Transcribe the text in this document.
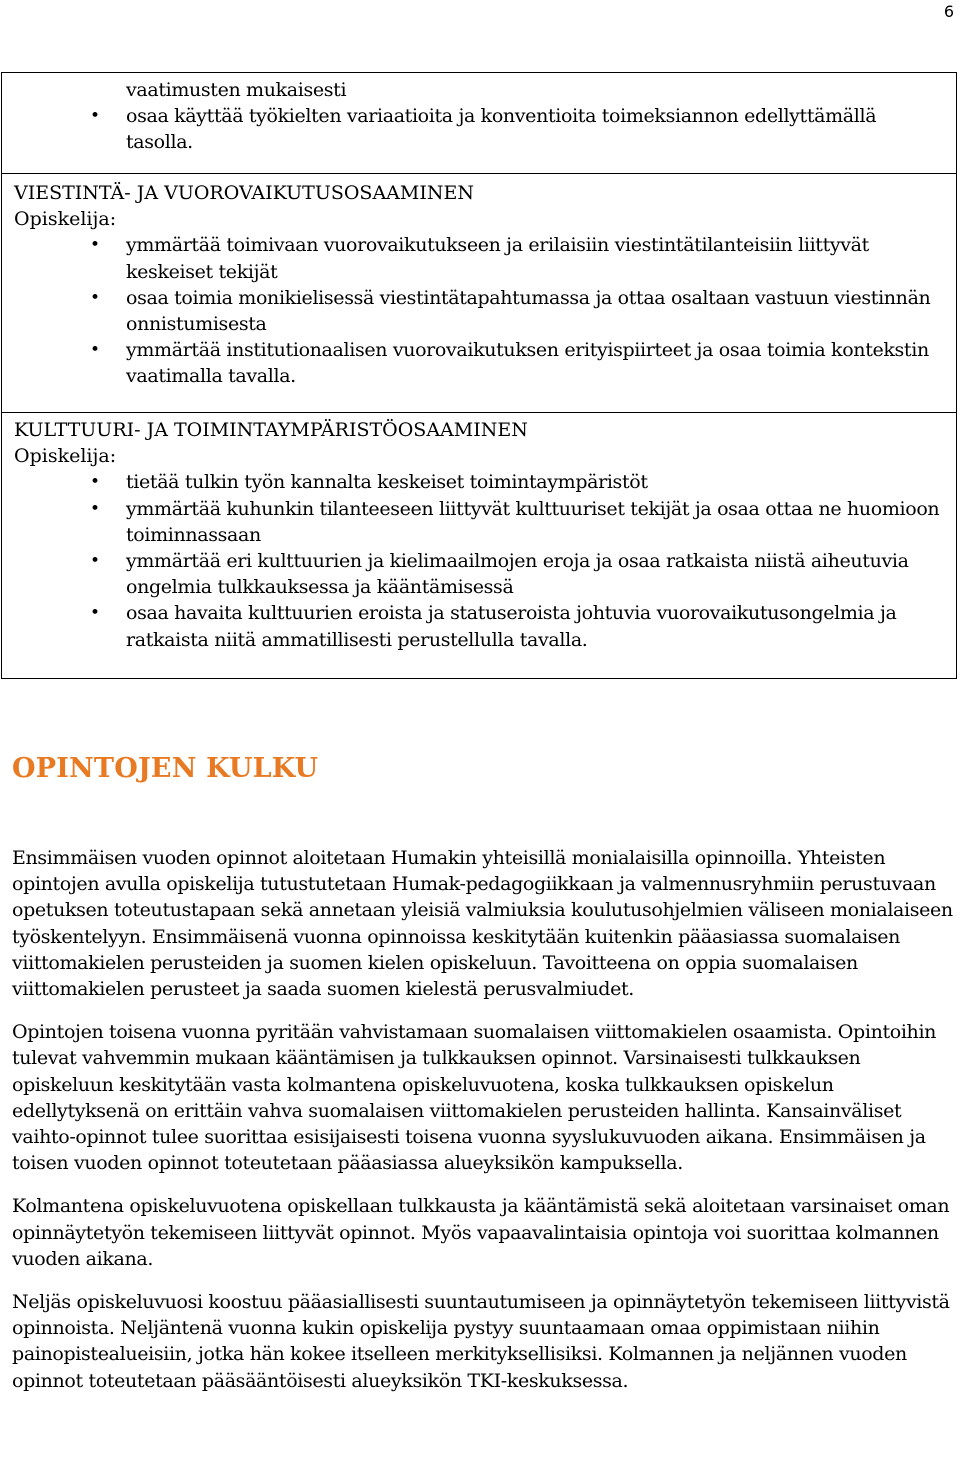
6
vaatimusten mukaisesti
• osaa käyttää työkielten variaatioita ja konventioita toimeksiannon edellyttämällä tasolla.
VIESTINTÄ- JA VUOROVAIKUTUSOSAAMINEN
Opiskelija:
• ymmärtää toimivaan vuorovaikutukseen ja erilaisiin viestintätilanteisiin liittyvät keskeiset tekijät
• osaa toimia monikielisessä viestintätapahtumassa ja ottaa osaltaan vastuun viestinnän onnistumisesta
• ymmärtää institutionaalisen vuorovaikutuksen erityispiirteet ja osaa toimia kontekstin vaatimalla tavalla.
KULTTUURI- JA TOIMINTAYMPÄRISTÖOSAAMINEN
Opiskelija:
• tietää tulkin työn kannalta keskeiset toimintaympäristöt
• ymmärtää kuhunkin tilanteeseen liittyvät kulttuuriset tekijät ja osaa ottaa ne huomioon toiminnassaan
• ymmärtää eri kulttuurien ja kielimaailmojen eroja ja osaa ratkaista niistä aiheutuvia ongelmia tulkkauksessa ja kääntämisessä
• osaa havaita kulttuurien eroista ja statuseroista johtuvia vuorovaikutusongelmia ja ratkaista niitä ammatillisesti perustellulla tavalla.
OPINTOJEN KULKU

Ensimmäisen vuoden opinnot aloitetaan Humakin yhteisillä monialaisilla opinnoilla. Yhteisten opintojen avulla opiskelija tutustutetaan Humak-pedagogiikkaan ja valmennusryhmiin perustuvaan opetuksen toteutustapaan sekä annetaan yleisiä valmiuksia koulutusohjelmien väliseen monialaiseen työskentelyyn. Ensimmäisenä vuonna opinnoissa keskitytään kuitenkin pääasiassa suomalaisen viittomakielen perusteiden ja suomen kielen opiskeluun. Tavoitteena on oppia suomalaisen viittomakielen perusteet ja saada suomen kielestä perusvalmiudet.

Opintojen toisena vuonna pyritään vahvistamaan suomalaisen viittomakielen osaamista. Opintoihin tulevat vahvemmin mukaan kääntämisen ja tulkkauksen opinnot. Varsinaisesti tulkkauksen opiskeluun keskitytään vasta kolmantena opiskeluvuotena, koska tulkkauksen opiskelun edellytyksenä on erittäin vahva suomalaisen viittomakielen perusteiden hallinta. Kansainväliset vaihto-opinnot tulee suorittaa esisijaisesti toisena vuonna syyslukuvuoden aikana. Ensimmäisen ja toisen vuoden opinnot toteutetaan pääasiassa alueyksikön kampuksella.

Kolmantena opiskeluvuotena opiskellaan tulkkausta ja kääntämistä sekä aloitetaan varsinaiset oman opinnäytetyön tekemiseen liittyvät opinnot. Myös vapaavalintaisia opintoja voi suorittaa kolmannen vuoden aikana.

Neljäs opiskeluvuosi koostuu pääasiallisesti suuntautumiseen ja opinnäytetyön tekemiseen liittyvistä opinnoista. Neljäntenä vuonna kukin opiskelija pystyy suuntaamaan omaa oppimistaan niihin painopistealueisiin, jotka hän kokee itselleen merkityksellisiksi. Kolmannen ja neljännen vuoden opinnot toteutetaan pääsääntöisesti alueyksikön TKI-keskuksessa.
